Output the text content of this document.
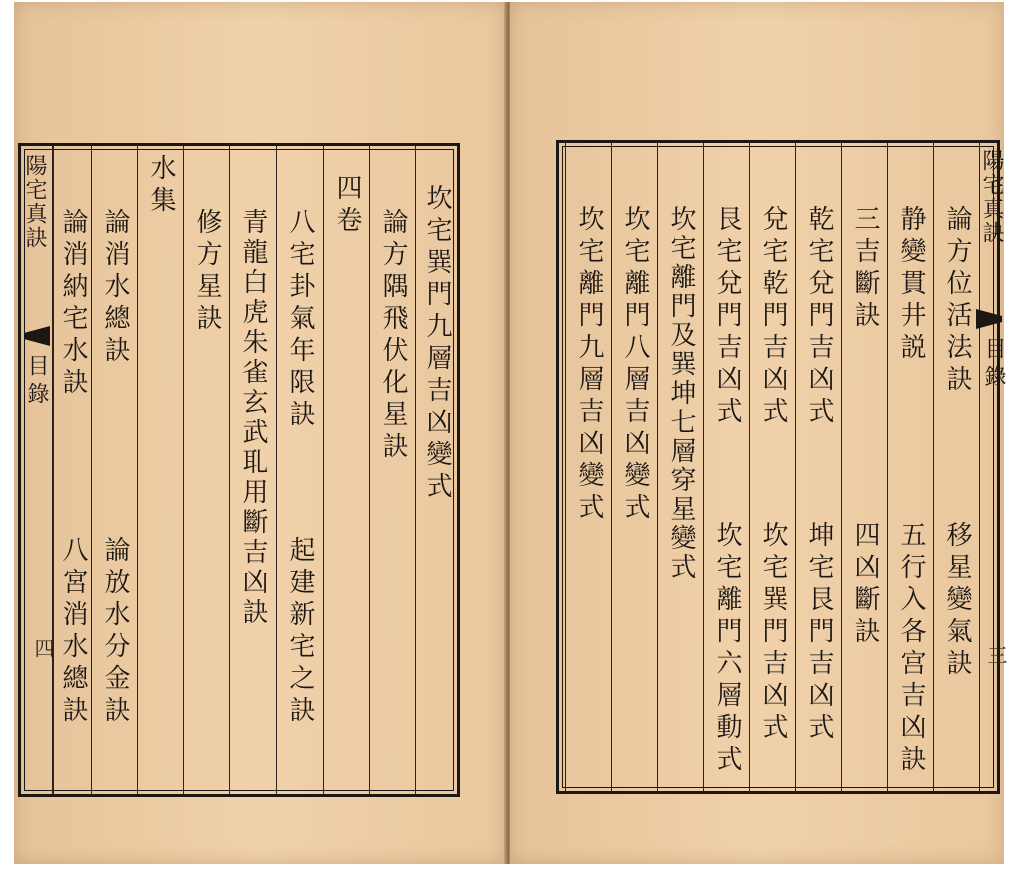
陽宅真訣
目錄
四
坎宅巽門九層吉凶變式
論方隅飛伏化星訣
四卷
八宅卦氣年限訣
起建新宅之訣
青龍白虎朱雀玄武耴用斷吉凶訣
修方星訣
水集
論消水總訣
論放水分金訣
論消納宅水訣
八宮消水總訣
陽宅真訣
目錄
三
論方位活法訣
移星變氣訣
静變貫井説
五行入各宫吉凶訣
三吉斷訣
四凶斷訣
乾宅兌門吉凶式
坤宅艮門吉凶式
兌宅乾門吉凶式
坎宅巽門吉凶式
艮宅兌門吉凶式
坎宅離門六層動式
坎宅離門及巽坤七層穿星變式
坎宅離門八層吉凶變式
坎宅離門九層吉凶變式
